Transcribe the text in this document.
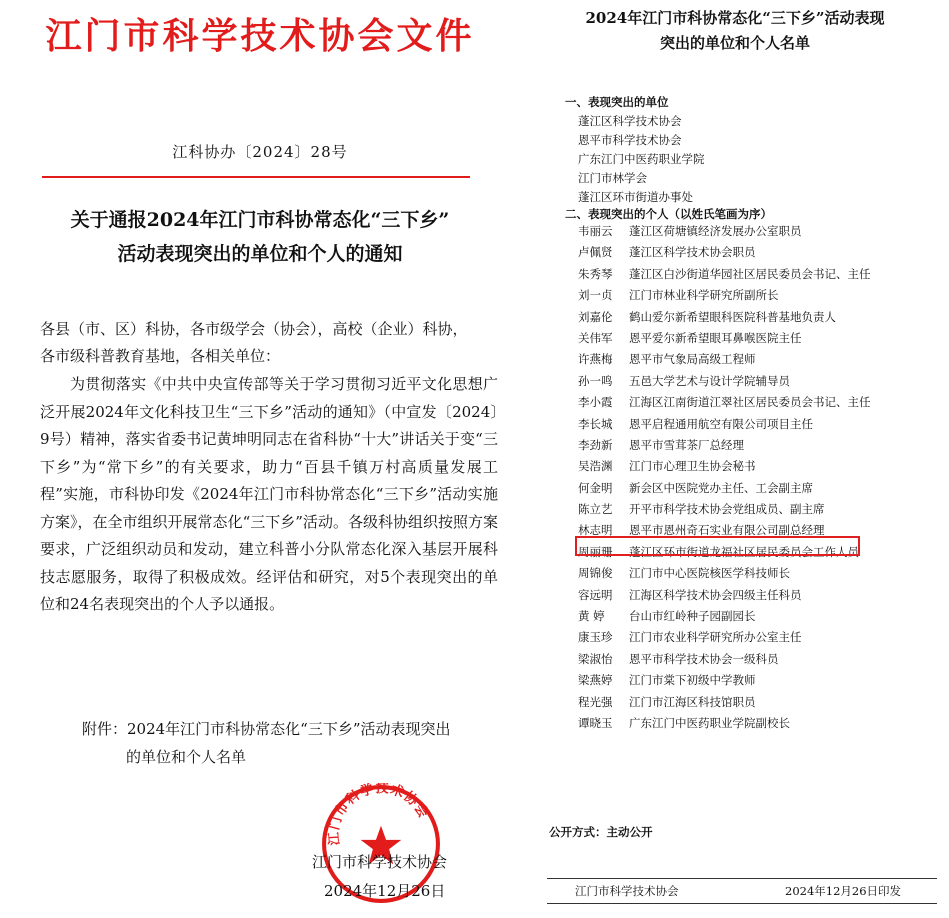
江门市科学技术协会文件
江科协办〔2024〕28号
关于通报2024年江门市科协常态化“三下乡”
活动表现突出的单位和个人的通知
各县（市、区）科协，各市级学会（协会），高校（企业）科协，
各市级科普教育基地，各相关单位：
为贯彻落实《中共中央宣传部等关于学习贯彻习近平文化思想广泛开展2024年文化科技卫生“三下乡”活动的通知》（中宣发〔2024〕9号）精神，落实省委书记黄坤明同志在省科协“十大”讲话关于变“三下乡”为“常下乡”的有关要求，助力“百县千镇万村高质量发展工程”实施，市科协印发《2024年江门市科协常态化“三下乡”活动实施方案》，在全市组织开展常态化“三下乡”活动。各级科协组织按照方案要求，广泛组织动员和发动，建立科普小分队常态化深入基层开展科技志愿服务，取得了积极成效。经评估和研究，对5个表现突出的单位和24名表现突出的个人予以通报。
附件：2024年江门市科协常态化“三下乡”活动表现突出
的单位和个人名单
江门市科学技术协会
江门市科学技术协会
2024年12月26日
2024年江门市科协常态化“三下乡”活动表现
突出的单位和个人名单
一、表现突出的单位
蓬江区科学技术协会
恩平市科学技术协会
广东江门中医药职业学院
江门市林学会
蓬江区环市街道办事处
二、表现突出的个人（以姓氏笔画为序）
韦丽云	蓬江区荷塘镇经济发展办公室职员
卢佩贤	蓬江区科学技术协会职员
朱秀琴	蓬江区白沙街道华园社区居民委员会书记、主任
刘一贞	江门市林业科学研究所副所长
刘嘉伦	鹤山爱尔新希望眼科医院科普基地负责人
关伟军	恩平爱尔新希望眼耳鼻喉医院主任
许燕梅	恩平市气象局高级工程师
孙一鸣	五邑大学艺术与设计学院辅导员
李小霞	江海区江南街道江翠社区居民委员会书记、主任
李长城	恩平启程通用航空有限公司项目主任
李劲新	恩平市雪茸茶厂总经理
吴浩渊	江门市心理卫生协会秘书
何金明	新会区中医院党办主任、工会副主席
陈立艺	开平市科学技术协会党组成员、副主席
林志明	恩平市恩州奇石实业有限公司副总经理
周丽珊	蓬江区环市街道龙福社区居民委员会工作人员
周锦俊	江门市中心医院核医学科技师长
容远明	江海区科学技术协会四级主任科员
黄 婷	台山市红岭种子园副园长
康玉珍	江门市农业科学研究所办公室主任
梁淑怡	恩平市科学技术协会一级科员
梁燕婷	江门市棠下初级中学教师
程光强	江门市江海区科技馆职员
谭晓玉	广东江门中医药职业学院副校长
公开方式：主动公开
江门市科学技术协会	2024年12月26日印发
